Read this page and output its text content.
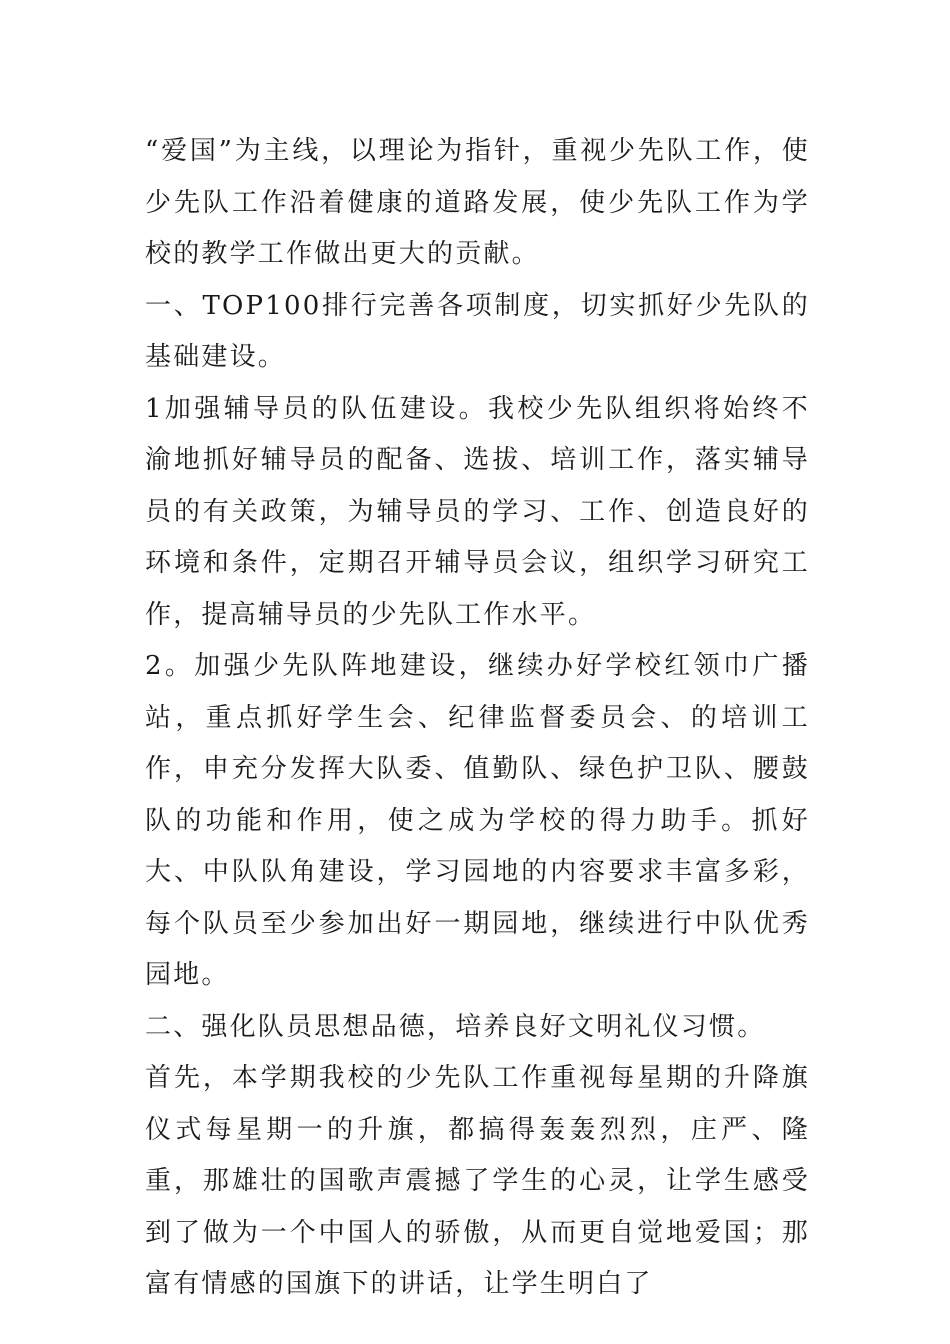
“爱国”为主线，以理论为指针，重视少先队工作，使少先队工作沿着健康的道路发展，使少先队工作为学校的教学工作做出更大的贡献。

一、TOP100排行完善各项制度，切实抓好少先队的基础建设。

1加强辅导员的队伍建设。我校少先队组织将始终不渝地抓好辅导员的配备、选拔、培训工作，落实辅导员的有关政策，为辅导员的学习、工作、创造良好的环境和条件，定期召开辅导员会议，组织学习研究工作，提高辅导员的少先队工作水平。

2。加强少先队阵地建设，继续办好学校红领巾广播站，重点抓好学生会、纪律监督委员会、的培训工作，申充分发挥大队委、值勤队、绿色护卫队、腰鼓队的功能和作用，使之成为学校的得力助手。抓好大、中队队角建设，学习园地的内容要求丰富多彩，每个队员至少参加出好一期园地，继续进行中队优秀园地。

二、强化队员思想品德，培养良好文明礼仪习惯。

首先，本学期我校的少先队工作重视每星期的升降旗仪式每星期一的升旗，都搞得轰轰烈烈，庄严、隆重，那雄壮的国歌声震撼了学生的心灵，让学生感受到了做为一个中国人的骄傲，从而更自觉地爱国；那富有情感的国旗下的讲话，让学生明白了
